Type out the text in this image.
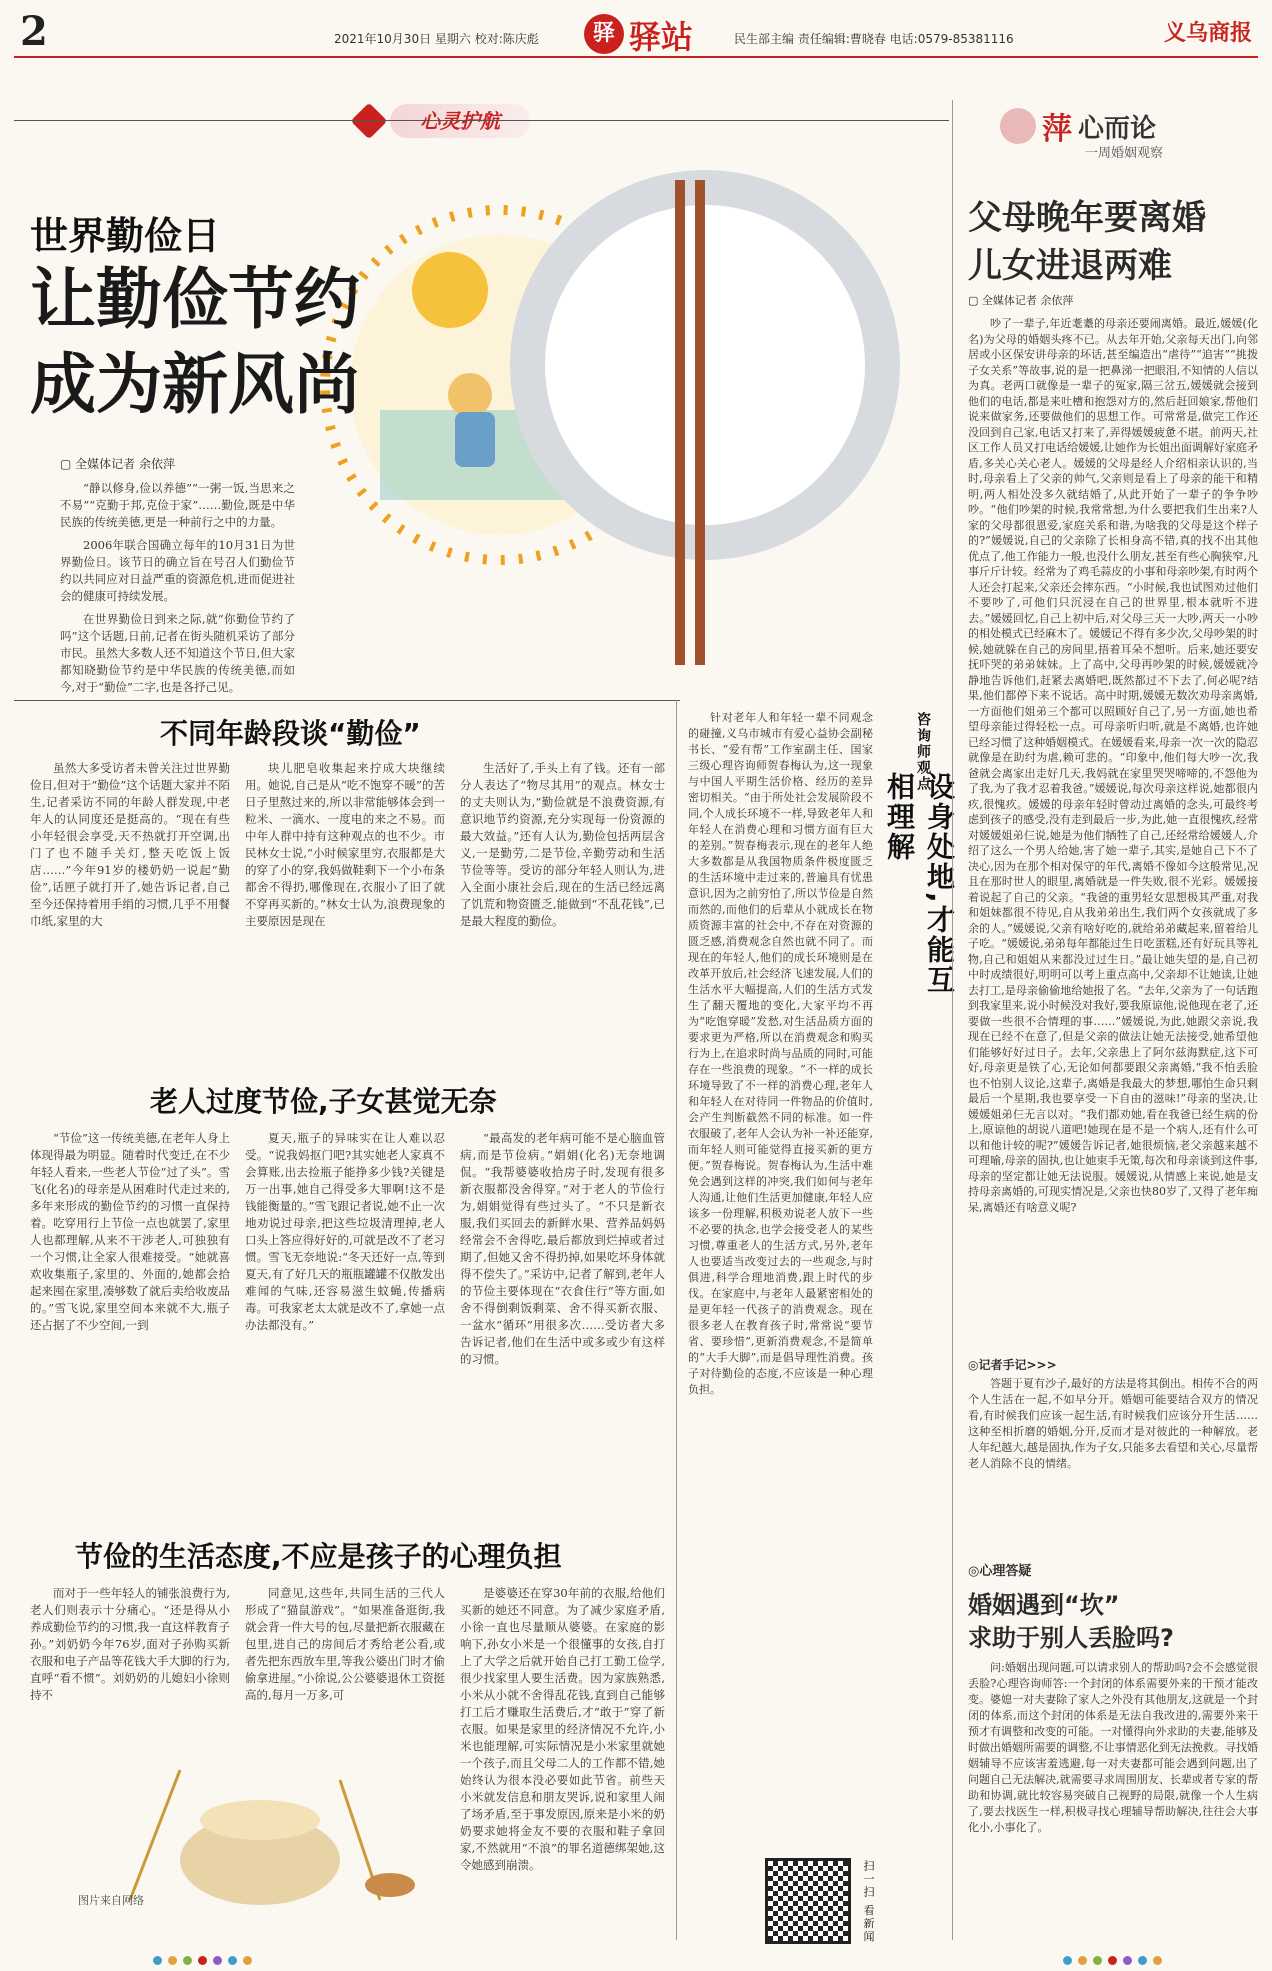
2	2021年10月30日 星期六 校对:陈庆彪	驿 驿站	民生部主编 责任编辑:曹晓春 电话:0579-85381116	义乌商报
心灵护航
世界勤俭日
让勤俭节约
成为新风尚
▢ 全媒体记者 余依萍

“静以修身,俭以养德”“一粥一饭,当思来之不易”“克勤于邦,克俭于家”……勤俭,既是中华民族的传统美德,更是一种前行之中的力量。

2006年联合国确立每年的10月31日为世界勤俭日。该节日的确立旨在号召人们勤俭节约以共同应对日益严重的资源危机,进而促进社会的健康可持续发展。

在世界勤俭日到来之际,就“你勤俭节约了吗”这个话题,日前,记者在街头随机采访了部分市民。虽然大多数人还不知道这个节日,但大家都知晓勤俭节约是中华民族的传统美德,而如今,对于“勤俭”二字,也是各抒己见。

不同年龄段谈“勤俭”

虽然大多受访者未曾关注过世界勤俭日,但对于“勤俭”这个话题大家并不陌生,记者采访不同的年龄人群发现,中老年人的认同度还是挺高的。“现在有些小年轻很会享受,天不热就打开空调,出门了也不随手关灯,整天吃饭上饭店……”今年91岁的楼奶奶一说起“勤俭”,话匣子就打开了,她告诉记者,自己至今还保持着用手绢的习惯,几乎不用餐巾纸,家里的大

块儿肥皂收集起来拧成大块继续用。她说,自己是从“吃不饱穿不暖”的苦日子里熬过来的,所以非常能够体会到一粒米、一滴水、一度电的来之不易。而中年人群中持有这种观点的也不少。市民林女士说,“小时候家里穷,衣服都是大的穿了小的穿,我妈做鞋剩下一个小布条都舍不得扔,哪像现在,衣服小了旧了就不穿再买新的。”林女士认为,浪费现象的主要原因是现在

生活好了,手头上有了钱。还有一部分人表达了“物尽其用”的观点。林女士的丈夫则认为,“勤俭就是不浪费资源,有意识地节约资源,充分实现每一份资源的最大效益。”还有人认为,勤俭包括两层含义,一是勤劳,二是节俭,辛勤劳动和生活节俭等等。受访的部分年轻人则认为,进入全面小康社会后,现在的生活已经远离了饥荒和物资匮乏,能做到“不乱花钱”,已是最大程度的勤俭。

老人过度节俭,子女甚觉无奈

“节俭”这一传统美德,在老年人身上体现得最为明显。随着时代变迁,在不少年轻人看来,一些老人节俭“过了头”。雪飞(化名)的母亲是从困难时代走过来的,多年来形成的勤俭节约的习惯一直保持着。吃穿用行上节俭一点也就罢了,家里人也都理解,从来不干涉老人,可独独有一个习惯,让全家人很难接受。“她就喜欢收集瓶子,家里的、外面的,她都会拾起来囤在家里,凑够数了就后卖给收废品的。”雪飞说,家里空间本来就不大,瓶子还占据了不少空间,一到

夏天,瓶子的异味实在让人难以忍受。“说我妈抠门吧?其实她老人家真不会算账,出去捡瓶子能挣多少钱?关键是万一出事,她自己得受多大罪啊!这不是钱能衡量的。”雪飞跟记者说,她不止一次地劝说过母亲,把这些垃圾清理掉,老人口头上答应得好好的,可就是改不了老习惯。雪飞无奈地说:“冬天还好一点,等到夏天,有了好几天的瓶瓶罐罐不仅散发出难闻的气味,还容易滋生蚊蝇,传播病毒。可我家老太太就是改不了,拿她一点办法都没有。”

“最高发的老年病可能不是心脑血管病,而是节俭病。”娟娟(化名)无奈地调侃。“我帮婆婆收拾房子时,发现有很多新衣服都没舍得穿。”对于老人的节俭行为,娟娟觉得有些过头了。“不只是新衣服,我们买回去的新鲜水果、营养品妈妈经常会不舍得吃,最后都放到烂掉或者过期了,但她又舍不得扔掉,如果吃坏身体就得不偿失了。”采访中,记者了解到,老年人的节俭主要体现在“衣食住行”等方面,如舍不得倒剩饭剩菜、舍不得买新衣服、一盆水“循环”用很多次……受访者大多告诉记者,他们在生活中或多或少有这样的习惯。

节俭的生活态度,不应是孩子的心理负担

而对于一些年轻人的铺张浪费行为,老人们则表示十分痛心。“还是得从小养成勤俭节约的习惯,我一直这样教育子孙。”刘奶奶今年76岁,面对子孙购买新衣服和电子产品等花钱大手大脚的行为,直呼“看不惯”。刘奶奶的儿媳妇小徐则持不

同意见,这些年,共同生活的三代人形成了“猫鼠游戏”。“如果准备逛街,我就会背一件大号的包,尽量把新衣服藏在包里,进自己的房间后才秀给老公看,或者先把东西放车里,等我公婆出门时才偷偷拿进屋。”小徐说,公公婆婆退休工资挺高的,每月一万多,可

是婆婆还在穿30年前的衣服,给他们买新的她还不同意。为了减少家庭矛盾,小徐一直也尽量顺从婆婆。在家庭的影响下,孙女小米是一个很懂事的女孩,自打上了大学之后就开始自己打工勤工俭学,很少找家里人要生活费。因为家族熟悉,小米从小就不舍得乱花钱,直到自己能够打工后才赚取生活费后,才“敢于”穿了新衣服。如果是家里的经济情况不允许,小米也能理解,可实际情况是小米家里就她一个孩子,而且父母二人的工作都不错,她始终认为很本没必要如此节省。前些天小米就发信息和朋友哭诉,说和家里人闹了场矛盾,至于事发原因,原来是小米的奶奶要求她将金友不要的衣服和鞋子拿回家,不然就用“不浪”的罪名道德绑架她,这令她感到崩溃。

图片来自网络

针对老年人和年轻一辈不同观念的碰撞,义乌市城市有爱心益协会副秘书长、“爱有帮”工作室副主任、国家三级心理咨询师贺春梅认为,这一现象与中国人平期生活价格、经历的差异密切相关。“由于所处社会发展阶段不同,个人成长环境不一样,导致老年人和年轻人在消费心理和习惯方面有巨大的差别。”贺春梅表示,现在的老年人绝大多数都是从我国物质条件极度匮乏的生活环境中走过来的,普遍具有忧患意识,因为之前穷怕了,所以节俭是自然而然的,而他们的后辈从小就成长在物质资源丰富的社会中,不存在对资源的匮乏感,消费观念自然也就不同了。而现在的年轻人,他们的成长环境则是在改革开放后,社会经济飞速发展,人们的生活水平大幅提高,人们的生活方式发生了翻天覆地的变化,大家平均不再为“吃饱穿暖”发愁,对生活品质方面的要求更为严格,所以在消费观念和购买行为上,在追求时尚与品质的同时,可能存在一些浪费的现象。“不一样的成长环境导致了不一样的消费心理,老年人和年轻人在对待同一件物品的价值时,会产生判断截然不同的标准。如一件衣服破了,老年人会认为补一补还能穿,而年轻人则可能觉得直接买新的更方便。”贺春梅说。贺春梅认为,生活中难免会遇到这样的冲突,我们如何与老年人沟通,让他们生活更加健康,年轻人应该多一份理解,积极劝说老人放下一些不必要的执念,也学会接受老人的某些习惯,尊重老人的生活方式,另外,老年人也要适当改变过去的一些观念,与时俱进,科学合理地消费,跟上时代的步伐。在家庭中,与老年人最紧密相处的是更年轻一代孩子的消费观念。现在很多老人在教育孩子时,常常说“要节省、要珍惜”,更新消费观念,不是简单的“大手大脚”,而是倡导理性消费。孩子对待勤俭的态度,不应该是一种心理负担。

咨询师观点
设身处地,才能互相理解
扫一扫 看新闻
萍 心而论
一周婚姻观察
父母晚年要离婚
儿女进退两难
▢ 全媒体记者 余依萍

吵了一辈子,年近耄耋的母亲还要闹离婚。最近,媛媛(化名)为父母的婚姻头疼不已。从去年开始,父亲每天出门,向邻居或小区保安讲母亲的坏话,甚至编造出“虐待”“追害”“挑拨子女关系”等故事,说的是一把鼻涕一把眼泪,不知情的人信以为真。老两口就像是一辈子的冤家,隔三岔五,媛媛就会接到他们的电话,都是来吐槽和抱怨对方的,然后赶回娘家,帮他们说来做家务,还要做他们的思想工作。可常常是,做完工作还没回到自己家,电话又打来了,弄得媛媛疲惫不堪。前两天,社区工作人员又打电话给媛媛,让她作为长姐出面调解好家庭矛盾,多关心关心老人。媛媛的父母是经人介绍相亲认识的,当时,母亲看上了父亲的帅气,父亲则是看上了母亲的能干和精明,两人相处没多久就结婚了,从此开始了一辈子的争争吵吵。“他们吵架的时候,我常常想,为什么要把我们生出来?人家的父母都很恩爱,家庭关系和谐,为啥我的父母是这个样子的?”媛媛说,自己的父亲除了长相身高不错,真的找不出其他优点了,他工作能力一般,也没什么朋友,甚至有些心胸狭窄,凡事斤斤计较。经常为了鸡毛蒜皮的小事和母亲吵架,有时两个人还会打起来,父亲还会摔东西。“小时候,我也试图劝过他们不要吵了,可他们只沉浸在自己的世界里,根本就听不进去。”媛媛回忆,自己上初中后,对父母三天一大吵,两天一小吵的相处模式已经麻木了。媛媛记不得有多少次,父母吵架的时候,她就躲在自己的房间里,捂着耳朵不想听。后来,她还要安抚吓哭的弟弟妹妹。上了高中,父母再吵架的时候,媛媛就冷静地告诉他们,赶紧去离婚吧,既然都过不下去了,何必呢?结果,他们都停下来不说话。高中时期,媛媛无数次劝母亲离婚,一方面他们姐弟三个都可以照顾好自己了,另一方面,她也希望母亲能过得轻松一点。可母亲听归听,就是不离婚,也许她已经习惯了这种婚姻模式。在媛媛看来,母亲一次一次的隐忍就像是在助纣为虐,赖可悲的。“印象中,他们每大吵一次,我爸就会离家出走好几天,我妈就在家里哭哭啼啼的,不怨他为了我,为了我才忍着我爸。”媛媛说,每次母亲这样说,她都很内疚,很愧疚。媛媛的母亲年轻时曾动过离婚的念头,可最终考虑到孩子的感受,没有走到最后一步,为此,她一直很愧疚,经常对媛媛姐弟仨说,她是为他们牺牲了自己,还经常给媛媛人,介绍了这么一个男人给她,害了她一辈子,其实,是她自己下不了决心,因为在那个相对保守的年代,离婚不像如今这般常见,况且在那时世人的眼里,离婚就是一件失败,很不光彩。媛媛接着说起了自己的父亲。“我爸的重男轻女思想极其严重,对我和姐妹都很不待见,自从我弟弟出生,我们两个女孩就成了多余的人。”媛媛说,父亲有啥好吃的,就给弟弟藏起来,留着给儿子吃。“媛媛说,弟弟每年都能过生日吃蛋糕,还有好玩具等礼物,自己和姐姐从来都没过过生日。”最让她失望的是,自己初中时成绩很好,明明可以考上重点高中,父亲却不让她读,让她去打工,是母亲偷偷地给她报了名。“去年,父亲为了一句话跑到我家里来,说小时候没对我好,要我原谅他,说他现在老了,还要做一些很不合情理的事……”媛媛说,为此,她跟父亲说,我现在已经不在意了,但是父亲的做法让她无法接受,她希望他们能够好好过日子。去年,父亲患上了阿尔兹海默症,这下可好,母亲更是铁了心,无论如何都要跟父亲离婚,“我不怕丢脸也不怕别人议论,这辈子,离婚是我最大的梦想,哪怕生命只剩最后一个星期,我也要享受一下自由的滋味!”母亲的坚决,让媛媛姐弟仨无言以对。“我们都劝她,看在我爸已经生病的份上,原谅他的胡说八道吧!她现在是不是一个病人,还有什么可以和他计较的呢?”媛媛告诉记者,她很烦恼,老父亲越来越不可理喻,母亲的固执,也让她束手无策,每次和母亲谈到这件事,母亲的坚定都让她无法说服。媛媛说,从情感上来说,她是支持母亲离婚的,可现实情况是,父亲也快80岁了,又得了老年痴呆,离婚还有啥意义呢?

◎记者手记>>>

答题于夏有沙子,最好的方法是将其倒出。相传不合的两个人生活在一起,不如早分开。婚姻可能要结合双方的情况看,有时候我们应该一起生活,有时候我们应该分开生活……这种至相折磨的婚姻,分开,反而才是对彼此的一种解放。老人年纪越大,越是固执,作为子女,只能多去看望和关心,尽量帮老人消除不良的情绪。

◎心理答疑
婚姻遇到“坎”
求助于别人丢脸吗?

问:婚姻出现问题,可以请求别人的帮助吗?会不会感觉很丢脸?心理咨询师答:一个封闭的体系需要外来的干预才能改变。婆媳一对夫妻除了家人之外没有其他朋友,这就是一个封闭的体系,而这个封闭的体系是无法自我改进的,需要外来干预才有调整和改变的可能。一对懂得向外求助的夫妻,能够及时做出婚姻所需要的调整,不让事情恶化到无法挽救。寻找婚姻辅导不应该害羞逃避,每一对夫妻都可能会遇到问题,出了问题自己无法解决,就需要寻求周围朋友、长辈或者专家的帮助和协调,就比较容易突破自己视野的局限,就像一个人生病了,要去找医生一样,积极寻找心理辅导帮助解决,往往会大事化小,小事化了。
